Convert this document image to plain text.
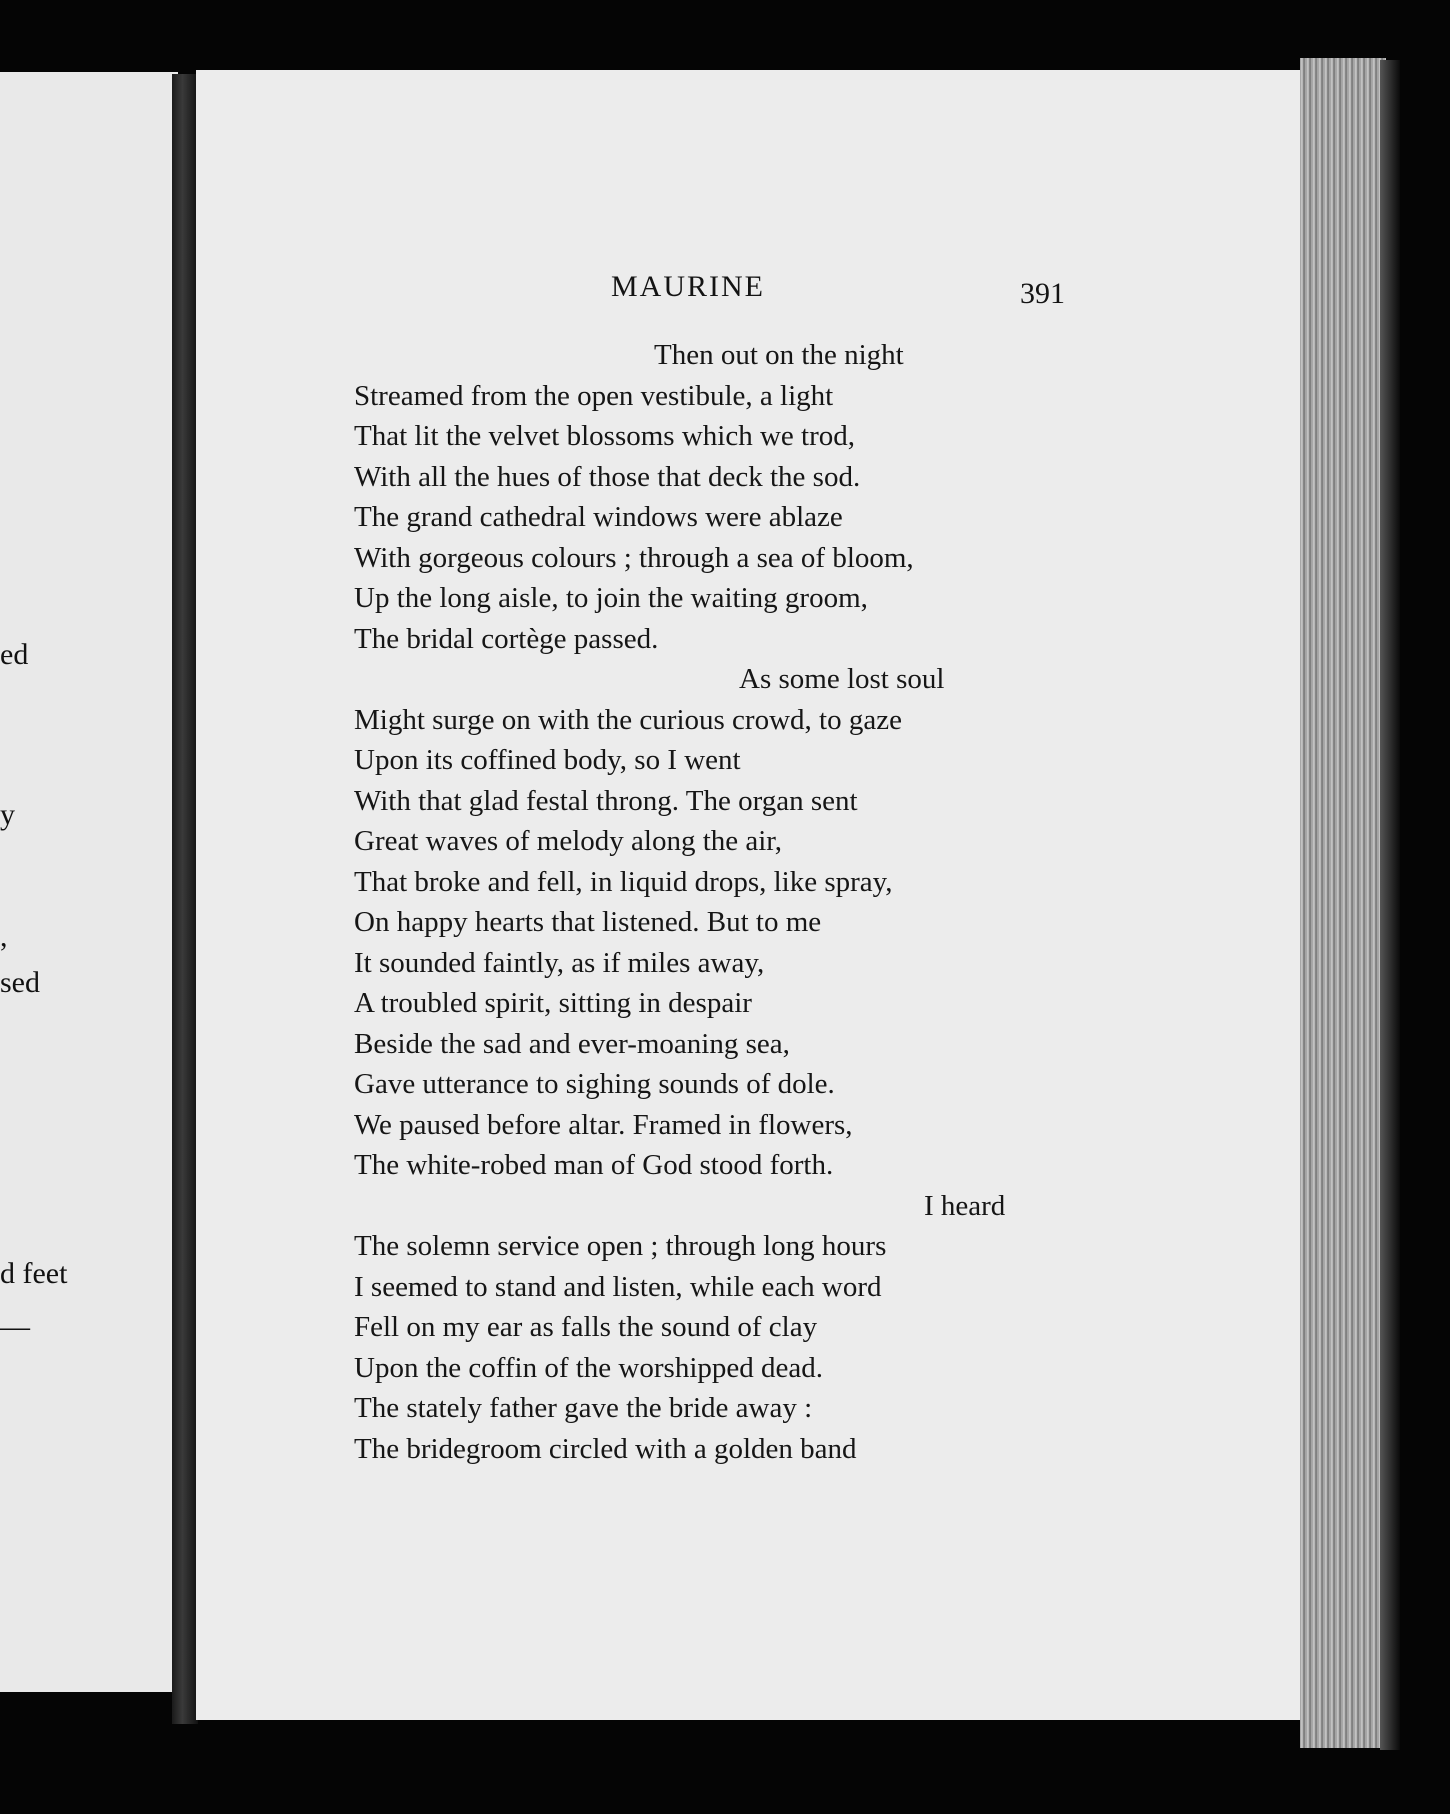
ed
y
,
sed
d feet
—
MAURINE	391
Then out on the night
Streamed from the open vestibule, a light
That lit the velvet blossoms which we trod,
With all the hues of those that deck the sod.
The grand cathedral windows were ablaze
With gorgeous colours ; through a sea of bloom,
Up the long aisle, to join the waiting groom,
The bridal cortège passed.
As some lost soul
Might surge on with the curious crowd, to gaze
Upon its coffined body, so I went
With that glad festal throng. The organ sent
Great waves of melody along the air,
That broke and fell, in liquid drops, like spray,
On happy hearts that listened. But to me
It sounded faintly, as if miles away,
A troubled spirit, sitting in despair
Beside the sad and ever-moaning sea,
Gave utterance to sighing sounds of dole.
We paused before altar. Framed in flowers,
The white-robed man of God stood forth.
I heard
The solemn service open ; through long hours
I seemed to stand and listen, while each word
Fell on my ear as falls the sound of clay
Upon the coffin of the worshipped dead.
The stately father gave the bride away :
The bridegroom circled with a golden band
